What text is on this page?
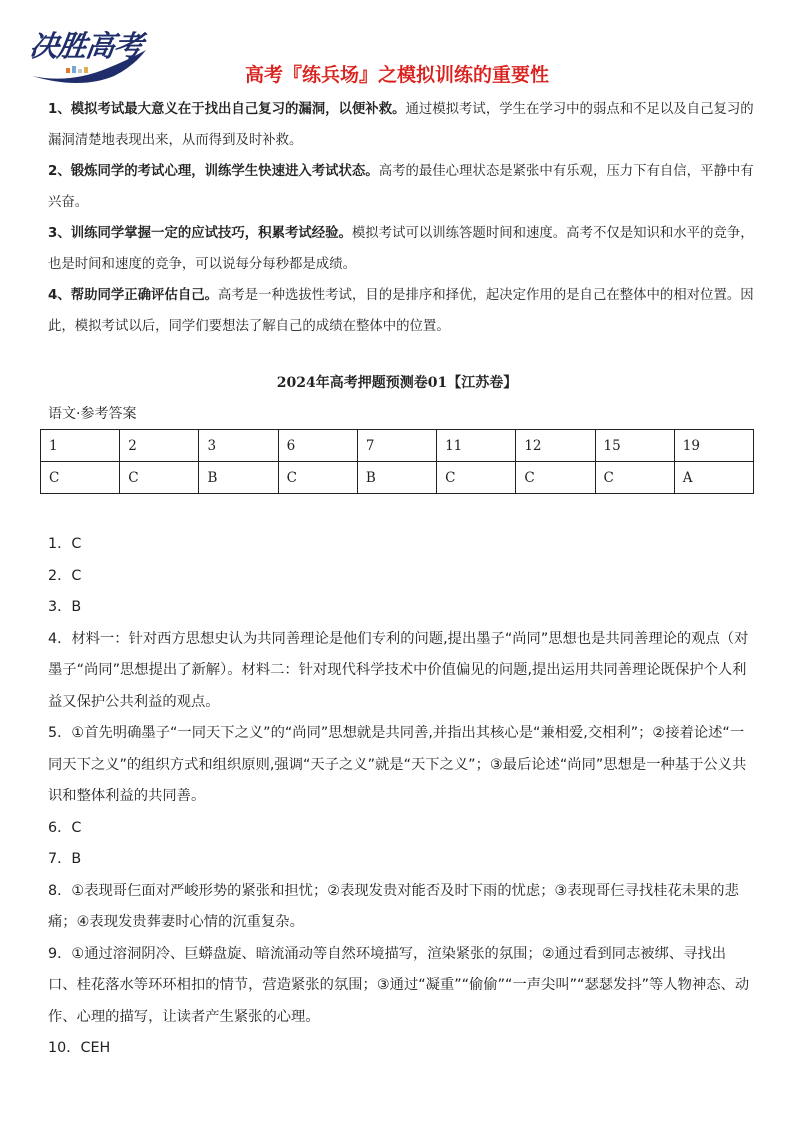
决胜高考
高考『练兵场』之模拟训练的重要性

1、模拟考试最大意义在于找出自己复习的漏洞，以便补救。通过模拟考试，学生在学习中的弱点和不足以及自己复习的漏洞清楚地表现出来，从而得到及时补救。

2、锻炼同学的考试心理，训练学生快速进入考试状态。高考的最佳心理状态是紧张中有乐观，压力下有自信，平静中有兴奋。

3、训练同学掌握一定的应试技巧，积累考试经验。模拟考试可以训练答题时间和速度。高考不仅是知识和水平的竞争，也是时间和速度的竞争，可以说每分每秒都是成绩。

4、帮助同学正确评估自己。高考是一种选拔性考试，目的是排序和择优，起决定作用的是自己在整体中的相对位置。因此，模拟考试以后，同学们要想法了解自己的成绩在整体中的位置。

2024年高考押题预测卷01【江苏卷】
语文·参考答案
1	2	3	6	7	11	12	15	19
C	C	B	C	B	C	C	C	A

1．C

2．C

3．B

4．材料一：针对西方思想史认为共同善理论是他们专利的问题,提出墨子“尚同”思想也是共同善理论的观点（对墨子“尚同”思想提出了新解）。材料二：针对现代科学技术中价值偏见的问题,提出运用共同善理论既保护个人利益又保护公共利益的观点。

5．①首先明确墨子“一同天下之义”的“尚同”思想就是共同善,并指出其核心是“兼相爱,交相利”；②接着论述“一同天下之义”的组织方式和组织原则,强调“天子之义”就是“天下之义”；③最后论述“尚同”思想是一种基于公义共识和整体利益的共同善。

6．C

7．B

8．①表现哥仨面对严峻形势的紧张和担忧；②表现发贵对能否及时下雨的忧虑；③表现哥仨寻找桂花未果的悲痛；④表现发贵葬妻时心情的沉重复杂。

9．①通过溶洞阴冷、巨蟒盘旋、暗流涌动等自然环境描写，渲染紧张的氛围；②通过看到同志被绑、寻找出口、桂花落水等环环相扣的情节，营造紧张的氛围；③通过“凝重”“偷偷”“一声尖叫”“瑟瑟发抖”等人物神态、动作、心理的描写，让读者产生紧张的心理。

10．CEH
